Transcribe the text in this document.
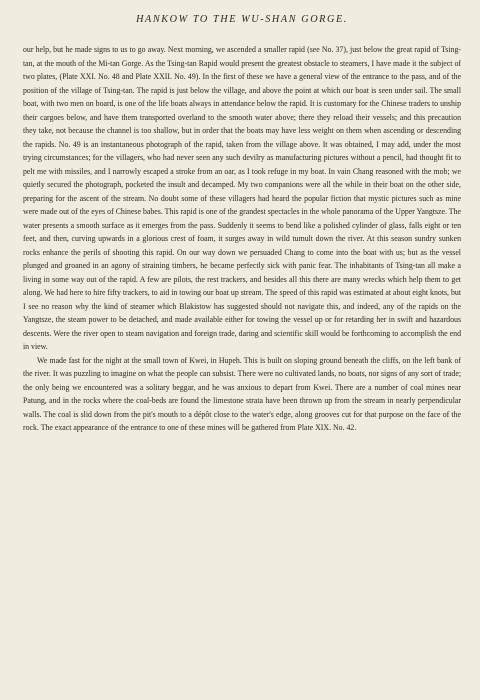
HANKOW TO THE WU-SHAN GORGE.

our help, but he made signs to us to go away. Next morning, we ascended a smaller rapid (see No. 37), just below the great rapid of Tsing-tan, at the mouth of the Mi-tan Gorge. As the Tsing-tan Rapid would present the greatest obstacle to steamers, I have made it the subject of two plates, (Plate XXI. No. 48 and Plate XXII. No. 49). In the first of these we have a general view of the entrance to the pass, and of the position of the village of Tsing-tan. The rapid is just below the village, and above the point at which our boat is seen under sail. The small boat, with two men on board, is one of the life boats always in attendance below the rapid. It is customary for the Chinese traders to unship their cargoes below, and have them transported overland to the smooth water above; there they reload their vessels; and this precaution they take, not because the channel is too shallow, but in order that the boats may have less weight on them when ascending or descending the rapids. No. 49 is an instantaneous photograph of the rapid, taken from the village above. It was obtained, I may add, under the most trying circumstances; for the villagers, who had never seen any such devilry as manufacturing pictures without a pencil, had thought fit to pelt me with missiles, and I narrowly escaped a stroke from an oar, as I took refuge in my boat. In vain Chang reasoned with the mob; we quietly secured the photograph, pocketed the insult and decamped. My two companions were all the while in their boat on the other side, preparing for the ascent of the stream. No doubt some of these villagers had heard the popular fiction that mystic pictures such as mine were made out of the eyes of Chinese babes. This rapid is one of the grandest spectacles in the whole panorama of the Upper Yangtsze. The water presents a smooth surface as it emerges from the pass. Suddenly it seems to bend like a polished cylinder of glass, falls eight or ten feet, and then, curving upwards in a glorious crest of foam, it surges away in wild tumult down the river. At this season sundry sunken rocks enhance the perils of shooting this rapid. On our way down we persuaded Chang to come into the boat with us; but as the vessel plunged and groaned in an agony of straining timbers, he became perfectly sick with panic fear. The inhabitants of Tsing-tan all make a living in some way out of the rapid. A few are pilots, the rest trackers, and besides all this there are many wrecks which help them to get along. We had here to hire fifty trackers, to aid in towing our boat up stream. The speed of this rapid was estimated at about eight knots, but I see no reason why the kind of steamer which Blakistow has suggested should not navigate this, and indeed, any of the rapids on the Yangtsze, the steam power to be detached, and made available either for towing the vessel up or for retarding her in swift and hazardous descents. Were the river open to steam navigation and foreign trade, daring and scientific skill would be forthcoming to accomplish the end in view.

We made fast for the night at the small town of Kwei, in Hupeh. This is built on sloping ground beneath the cliffs, on the left bank of the river. It was puzzling to imagine on what the people can subsist. There were no cultivated lands, no boats, nor signs of any sort of trade; the only being we encountered was a solitary beggar, and he was anxious to depart from Kwei. There are a number of coal mines near Patung, and in the rocks where the coal-beds are found the limestone strata have been thrown up from the stream in nearly perpendicular walls. The coal is slid down from the pit's mouth to a dépôt close to the water's edge, along grooves cut for that purpose on the face of the rock. The exact appearance of the entrance to one of these mines will be gathered from Plate XIX. No. 42.
